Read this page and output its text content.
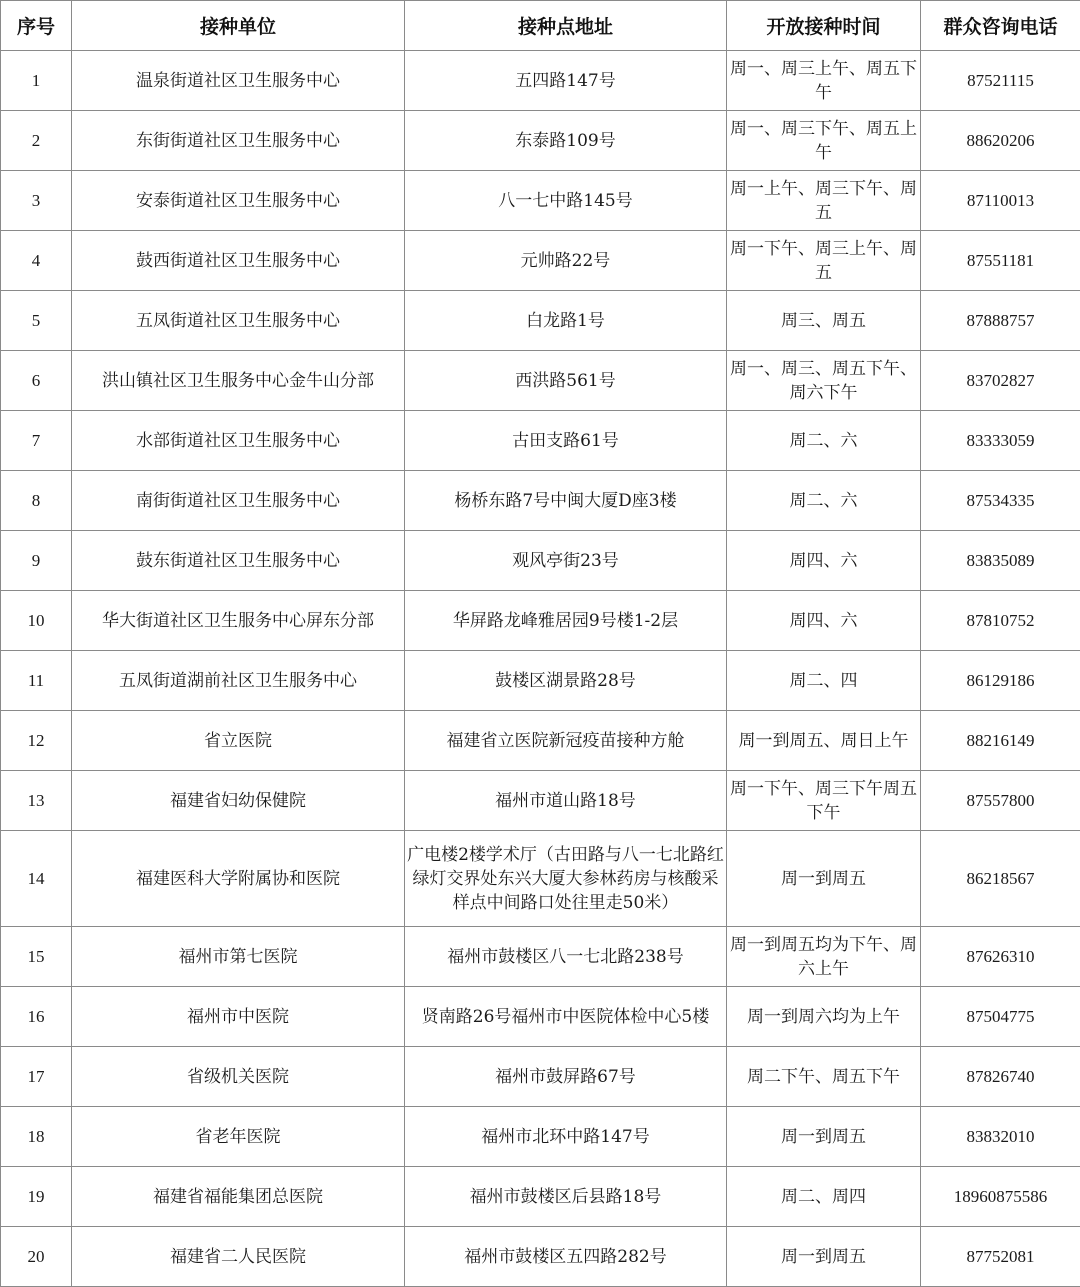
序号	接种单位	接种点地址	开放接种时间	群众咨询电话
1	温泉街道社区卫生服务中心	五四路147号	周一、周三上午、周五下午	87521115
2	东街街道社区卫生服务中心	东泰路109号	周一、周三下午、周五上午	88620206
3	安泰街道社区卫生服务中心	八一七中路145号	周一上午、周三下午、周五	87110013
4	鼓西街道社区卫生服务中心	元帅路22号	周一下午、周三上午、周五	87551181
5	五凤街道社区卫生服务中心	白龙路1号	周三、周五	87888757
6	洪山镇社区卫生服务中心金牛山分部	西洪路561号	周一、周三、周五下午、周六下午	83702827
7	水部街道社区卫生服务中心	古田支路61号	周二、六	83333059
8	南街街道社区卫生服务中心	杨桥东路7号中闽大厦D座3楼	周二、六	87534335
9	鼓东街道社区卫生服务中心	观风亭街23号	周四、六	83835089
10	华大街道社区卫生服务中心屏东分部	华屏路龙峰雅居园9号楼1-2层	周四、六	87810752
11	五凤街道湖前社区卫生服务中心	鼓楼区湖景路28号	周二、四	86129186
12	省立医院	福建省立医院新冠疫苗接种方舱	周一到周五、周日上午	88216149
13	福建省妇幼保健院	福州市道山路18号	周一下午、周三下午周五下午	87557800
14	福建医科大学附属协和医院	广电楼2楼学术厅（古田路与八一七北路红绿灯交界处东兴大厦大参林药房与核酸采样点中间路口处往里走50米）	周一到周五	86218567
15	福州市第七医院	福州市鼓楼区八一七北路238号	周一到周五均为下午、周六上午	87626310
16	福州市中医院	贤南路26号福州市中医院体检中心5楼	周一到周六均为上午	87504775
17	省级机关医院	福州市鼓屏路67号	周二下午、周五下午	87826740
18	省老年医院	福州市北环中路147号	周一到周五	83832010
19	福建省福能集团总医院	福州市鼓楼区后县路18号	周二、周四	18960875586
20	福建省二人民医院	福州市鼓楼区五四路282号	周一到周五	87752081
